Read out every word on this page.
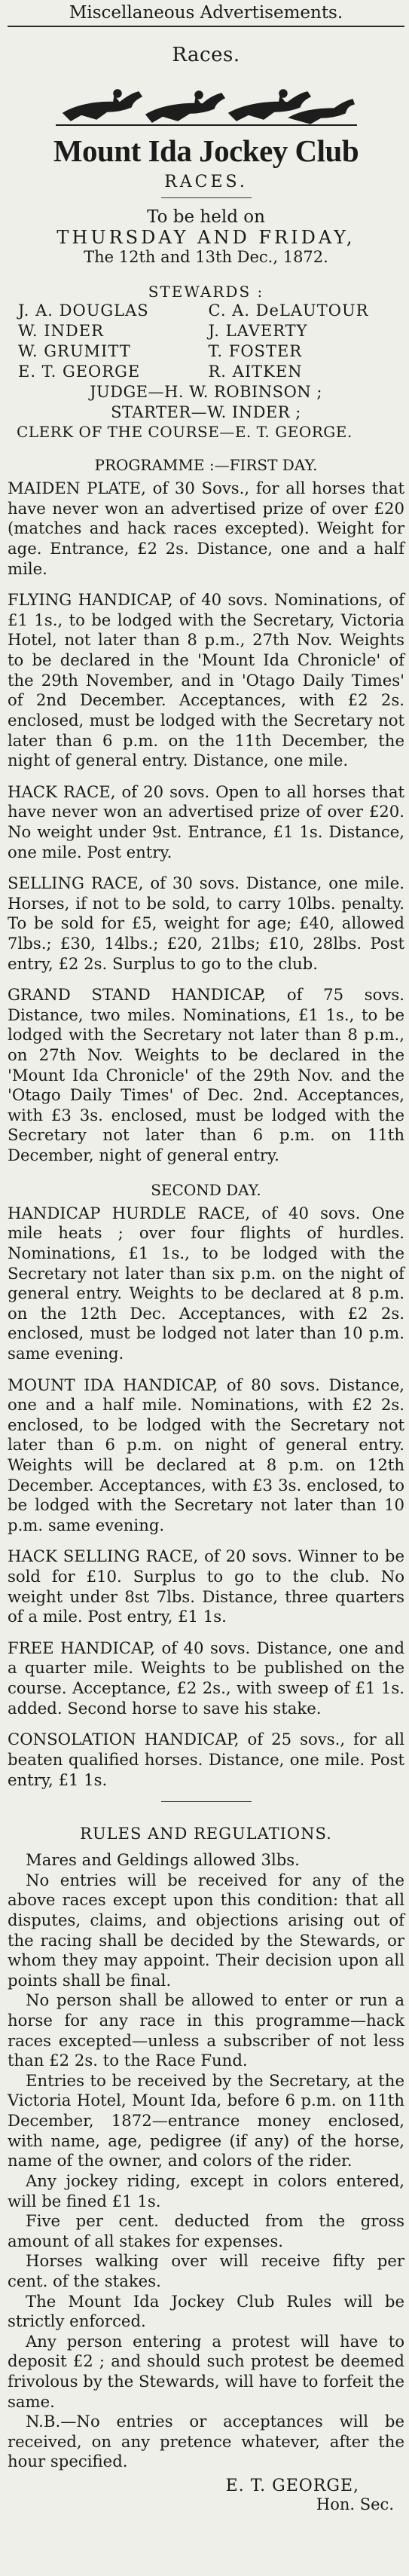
Miscellaneous Advertisements.
Races.
Mount Ida Jockey Club
RACES.
To be held on
THURSDAY AND FRIDAY,
The 12th and 13th Dec., 1872.
STEWARDS :
J. A. DOUGLAS	C. A. DeLAUTOUR
W. INDER	J. LAVERTY
W. GRUMITT	T. FOSTER
E. T. GEORGE	R. AITKEN
JUDGE—H. W. ROBINSON ;
STARTER—W. INDER ;
CLERK OF THE COURSE—E. T. GEORGE.
PROGRAMME :—FIRST DAY.

MAIDEN PLATE, of 30 Sovs., for all horses that have never won an advertised prize of over £20 (matches and hack races excepted). Weight for age. Entrance, £2 2s. Distance, one and a half mile.

FLYING HANDICAP, of 40 sovs. Nominations, of £1 1s., to be lodged with the Secretary, Victoria Hotel, not later than 8 p.m., 27th Nov. Weights to be declared in the 'Mount Ida Chronicle' of the 29th November, and in 'Otago Daily Times' of 2nd December. Acceptances, with £2 2s. enclosed, must be lodged with the Secretary not later than 6 p.m. on the 11th December, the night of general entry. Distance, one mile.

HACK RACE, of 20 sovs. Open to all horses that have never won an advertised prize of over £20. No weight under 9st. Entrance, £1 1s. Distance, one mile. Post entry.

SELLING RACE, of 30 sovs. Distance, one mile. Horses, if not to be sold, to carry 10lbs. penalty. To be sold for £5, weight for age; £40, allowed 7lbs.; £30, 14lbs.; £20, 21lbs; £10, 28lbs. Post entry, £2 2s. Surplus to go to the club.

GRAND STAND HANDICAP, of 75 sovs. Distance, two miles. Nominations, £1 1s., to be lodged with the Secretary not later than 8 p.m., on 27th Nov. Weights to be declared in the 'Mount Ida Chronicle' of the 29th Nov. and the 'Otago Daily Times' of Dec. 2nd. Acceptances, with £3 3s. enclosed, must be lodged with the Secretary not later than 6 p.m. on 11th December, night of general entry.

SECOND DAY.

HANDICAP HURDLE RACE, of 40 sovs. One mile heats ; over four flights of hurdles. Nominations, £1 1s., to be lodged with the Secretary not later than six p.m. on the night of general entry. Weights to be declared at 8 p.m. on the 12th Dec. Acceptances, with £2 2s. enclosed, must be lodged not later than 10 p.m. same evening.

MOUNT IDA HANDICAP, of 80 sovs. Distance, one and a half mile. Nominations, with £2 2s. enclosed, to be lodged with the Secretary not later than 6 p.m. on night of general entry. Weights will be declared at 8 p.m. on 12th December. Acceptances, with £3 3s. enclosed, to be lodged with the Secretary not later than 10 p.m. same evening.

HACK SELLING RACE, of 20 sovs. Winner to be sold for £10. Surplus to go to the club. No weight under 8st 7lbs. Distance, three quarters of a mile. Post entry, £1 1s.

FREE HANDICAP, of 40 sovs. Distance, one and a quarter mile. Weights to be published on the course. Acceptance, £2 2s., with sweep of £1 1s. added. Second horse to save his stake.

CONSOLATION HANDICAP, of 25 sovs., for all beaten qualified horses. Distance, one mile. Post entry, £1 1s.

RULES AND REGULATIONS.

Mares and Geldings allowed 3lbs.

No entries will be received for any of the above races except upon this condition: that all disputes, claims, and objections arising out of the racing shall be decided by the Stewards, or whom they may appoint. Their decision upon all points shall be final.

No person shall be allowed to enter or run a horse for any race in this programme—hack races excepted—unless a subscriber of not less than £2 2s. to the Race Fund.

Entries to be received by the Secretary, at the Victoria Hotel, Mount Ida, before 6 p.m. on 11th December, 1872—entrance money enclosed, with name, age, pedigree (if any) of the horse, name of the owner, and colors of the rider.

Any jockey riding, except in colors entered, will be fined £1 1s.

Five per cent. deducted from the gross amount of all stakes for expenses.

Horses walking over will receive fifty per cent. of the stakes.

The Mount Ida Jockey Club Rules will be strictly enforced.

Any person entering a protest will have to deposit £2 ; and should such protest be deemed frivolous by the Stewards, will have to forfeit the same.

N.B.—No entries or acceptances will be received, on any pretence whatever, after the hour specified.

E. T. GEORGE,
Hon. Sec.
